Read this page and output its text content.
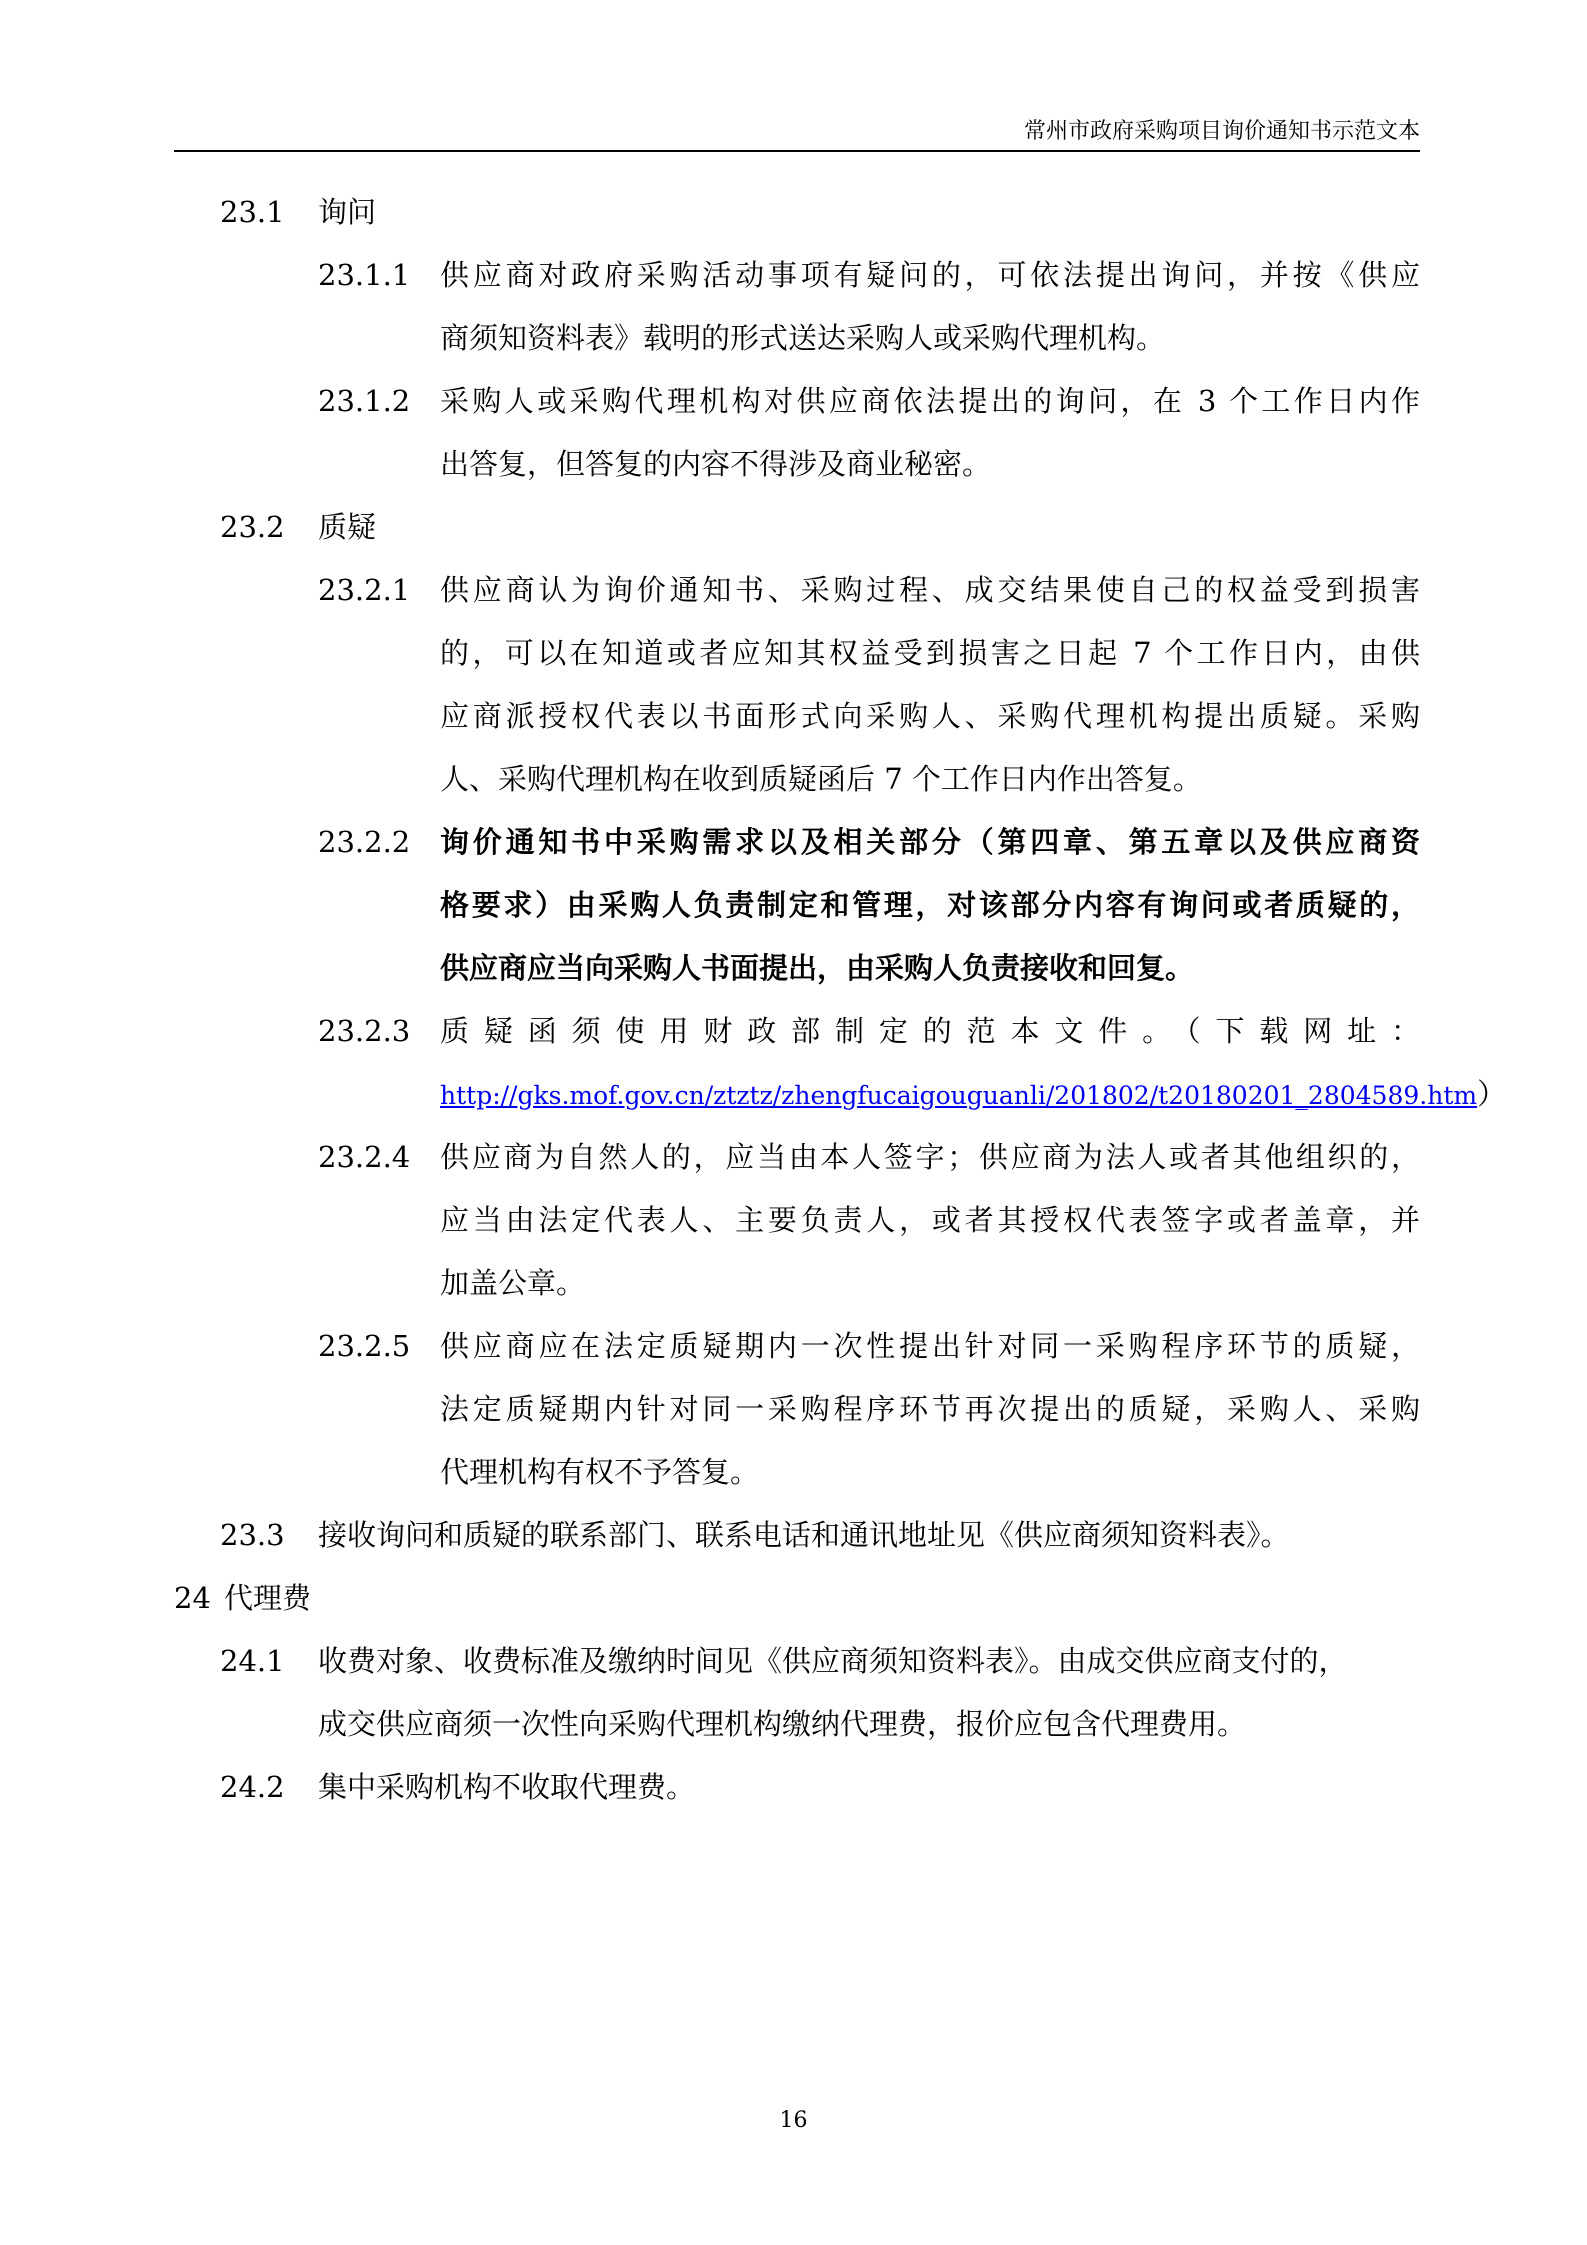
常州市政府采购项目询价通知书示范文本
23.1 询问
23.1.1 供应商对政府采购活动事项有疑问的，可依法提出询问，并按《供应
商须知资料表》载明的形式送达采购人或采购代理机构。
23.1.2 采购人或采购代理机构对供应商依法提出的询问，在 3 个工作日内作
出答复，但答复的内容不得涉及商业秘密。
23.2 质疑
23.2.1 供应商认为询价通知书、采购过程、成交结果使自己的权益受到损害
的，可以在知道或者应知其权益受到损害之日起 7 个工作日内，由供
应商派授权代表以书面形式向采购人、采购代理机构提出质疑。采购
人、采购代理机构在收到质疑函后 7 个工作日内作出答复。
23.2.2 询价通知书中采购需求以及相关部分（第四章、第五章以及供应商资
格要求）由采购人负责制定和管理，对该部分内容有询问或者质疑的，
供应商应当向采购人书面提出，由采购人负责接收和回复。
23.2.3 质疑函须使用财政部制定的范本文件。（下载网址：
http://gks.mof.gov.cn/ztztz/zhengfucaigouguanli/201802/t20180201_2804589.htm）
23.2.4 供应商为自然人的，应当由本人签字；供应商为法人或者其他组织的，
应当由法定代表人、主要负责人，或者其授权代表签字或者盖章，并
加盖公章。
23.2.5 供应商应在法定质疑期内一次性提出针对同一采购程序环节的质疑，
法定质疑期内针对同一采购程序环节再次提出的质疑，采购人、采购
代理机构有权不予答复。
23.3 接收询问和质疑的联系部门、联系电话和通讯地址见《供应商须知资料表》。
24 代理费
24.1 收费对象、收费标准及缴纳时间见《供应商须知资料表》。由成交供应商支付的，
成交供应商须一次性向采购代理机构缴纳代理费，报价应包含代理费用。
24.2 集中采购机构不收取代理费。
16
